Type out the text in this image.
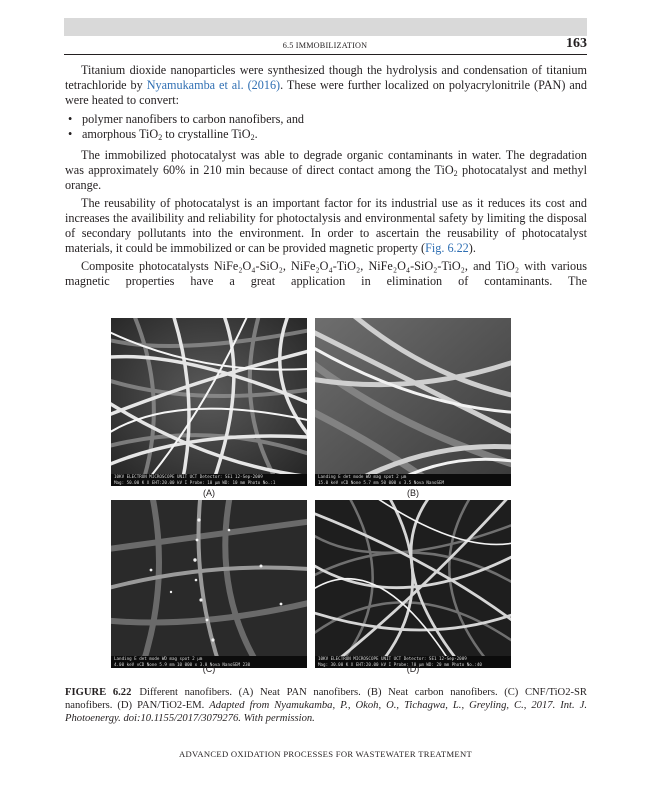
6.5 IMMOBILIZATION	163

Titanium dioxide nanoparticles were synthesized though the hydrolysis and condensation of titanium tetrachloride by Nyamukamba et al. (2016). These were further localized on polyacrylonitrile (PAN) and were heated to convert:

• polymer nanofibers to carbon nanofibers, and
• amorphous TiO$_2$ to crystalline TiO$_2$.

The immobilized photocatalyst was able to degrade organic contaminants in water. The degradation was approximately 60% in 210 min because of direct contact among the TiO$_2$ photocatalyst and methyl orange.

The reusability of photocatalyst is an important factor for its industrial use as it reduces its cost and increases the availibility and reliability for photoctalysis and environmental safety by limiting the disposal of secondary pollutants into the environment. In order to ascertain the reusability of photocatalyst materials, it could be immobilized or can be provided magnetic property (Fig. 6.22).

Composite photocatalysts NiFe₂O₄-SiO₂, NiFe₂O₄-TiO₂, NiFe₂O₄-SiO₂-TiO₂, and TiO₂ with various magnetic properties have a great application in elimination of contaminants. The

10KV ELECTRON MICROSCOPE UNIT UCT Detector: SE1 12-Sep-2009
Mag: 50.00 K X EHT:20.00 kV I Probe: 10 µm WD: 10 mm Photo No.:1
(A)
Landing E det mode WD mag spot 2 µm
15.0 keV vCD None 5.7 mm 50 000 x 3.5 Nova NanoSEM
(B)
Landing E det mode WD mag spot 2 µm
4.00 keV vCD None 5.9 mm 10 000 x 3.0 Nova NanoSEM 230
(C)
10KV ELECTRON MICROSCOPE UNIT UCT Detector: SE1 12-Sep-2009
Mag: 30.00 K X EHT:20.00 kV I Probe: 10 µm WD: 20 mm Photo No.:40
(D)
FIGURE 6.22 Different nanofibers. (A) Neat PAN nanofibers. (B) Neat carbon nanofibers. (C) CNF/TiO2-SR nanofibers. (D) PAN/TiO2-EM. Adapted from Nyamukamba, P., Okoh, O., Tichagwa, L., Greyling, C., 2017. Int. J. Photoenergy. doi:10.1155/2017/3079276. With permission.
ADVANCED OXIDATION PROCESSES FOR WASTEWATER TREATMENT
